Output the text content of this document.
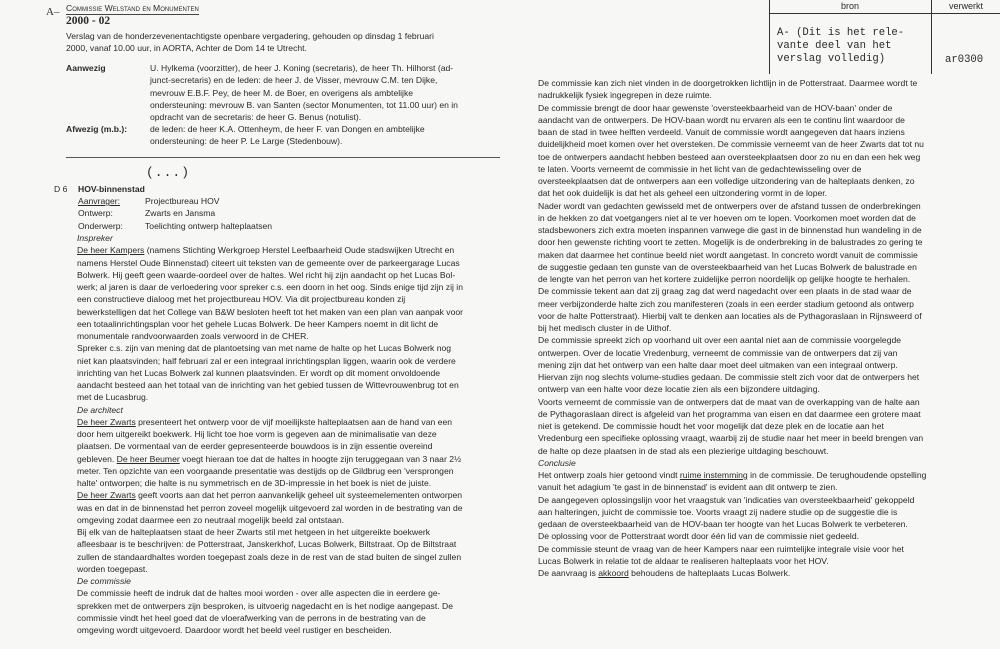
A– Commissie Welstand en Monumenten
2000 - 02
Verslag van de honderzevenentachtigste openbare vergadering, gehouden op dinsdag 1 februari
2000, vanaf 10.00 uur, in AORTA, Achter de Dom 14 te Utrecht.
Aanwezig	U. Hylkema (voorzitter), de heer J. Koning (secretaris), de heer Th. Hilhorst (ad-
junct-secretaris) en de leden: de heer J. de Visser, mevrouw C.M. ten Dijke,
mevrouw E.B.F. Pey, de heer M. de Boer, en overigens als ambtelijke
ondersteuning: mevrouw B. van Santen (sector Monumenten, tot 11.00 uur) en in
opdracht van de secretaris: de heer G. Benus (notulist).
Afwezig (m.b.):	de leden: de heer K.A. Ottenheym, de heer F. van Dongen en ambtelijke
ondersteuning: de heer P. Le Large (Stedenbouw).
(...)
D 6 HOV-binnenstad
Aanvrager:	Projectbureau HOV
Ontwerp:	Zwarts en Jansma
Onderwerp:	Toelichting ontwerp halteplaatsen
Inspreker
De heer Kampers (namens Stichting Werkgroep Herstel Leefbaarheid Oude stadswijken Utrecht en
namens Herstel Oude Binnenstad) citeert uit teksten van de gemeente over de parkeergarage Lucas
Bolwerk. Hij geeft geen waarde-oordeel over de haltes. Wel richt hij zijn aandacht op het Lucas Bol-
werk; al jaren is daar de verloedering voor spreker c.s. een doorn in het oog. Sinds enige tijd zijn zij in
een constructieve dialoog met het projectbureau HOV. Via dit projectbureau konden zij
bewerkstelligen dat het College van B&W besloten heeft tot het maken van een plan van aanpak voor
een totaalinrichtingsplan voor het gehele Lucas Bolwerk. De heer Kampers noemt in dit licht de
monumentale randvoorwaarden zoals verwoord in de CHER.
Spreker c.s. zijn van mening dat de plantoetsing van met name de halte op het Lucas Bolwerk nog
niet kan plaatsvinden; half februari zal er een integraal inrichtingsplan liggen, waarin ook de verdere
inrichting van het Lucas Bolwerk zal kunnen plaatsvinden. Er wordt op dit moment onvoldoende
aandacht besteed aan het totaal van de inrichting van het gebied tussen de Wittevrouwenbrug tot en
met de Lucasbrug.
De architect
De heer Zwarts presenteert het ontwerp voor de vijf moeilijkste halteplaatsen aan de hand van een
door hem uitgereikt boekwerk. Hij licht toe hoe vorm is gegeven aan de minimalisatie van deze
plaatsen. De vormentaal van de eerder gepresenteerde bouwdoos is in zijn essentie overeind
gebleven. De heer Beumer voegt hieraan toe dat de haltes in hoogte zijn teruggegaan van 3 naar 2½
meter. Ten opzichte van een voorgaande presentatie was destijds op de Gildbrug een 'versprongen
halte' ontworpen; die halte is nu symmetrisch en de 3D-impressie in het boek is niet de juiste.
De heer Zwarts geeft voorts aan dat het perron aanvankelijk geheel uit systeemelementen ontworpen
was en dat in de binnenstad het perron zoveel mogelijk uitgevoerd zal worden in de bestrating van de
omgeving zodat daarmee een zo neutraal mogelijk beeld zal ontstaan.
Bij elk van de halteplaatsen staat de heer Zwarts stil met hetgeen in het uitgereikte boekwerk
afleesbaar is te beschrijven: de Potterstraat, Janskerkhof, Lucas Bolwerk, Biltstraat. Op de Biltstraat
zullen de standaardhaltes worden toegepast zoals deze in de rest van de stad buiten de singel zullen
worden toegepast.
De commissie
De commissie heeft de indruk dat de haltes mooi worden - over alle aspecten die in eerdere ge-
sprekken met de ontwerpers zijn besproken, is uitvoerig nagedacht en is het nodige aangepast. De
commissie vindt het heel goed dat de vloerafwerking van de perrons in de bestrating van de
omgeving wordt uitgevoerd. Daardoor wordt het beeld veel rustiger en bescheiden.
bron	verwerkt
A- (Dit is het rele-
vante deel van het
verslag volledig)	ar0300
De commissie kan zich niet vinden in de doorgetrokken lichtlijn in de Potterstraat. Daarmee wordt te
nadrukkelijk fysiek ingegrepen in deze ruimte.
De commissie brengt de door haar gewenste 'oversteekbaarheid van de HOV-baan' onder de
aandacht van de ontwerpers. De HOV-baan wordt nu ervaren als een te continu lint waardoor de
baan de stad in twee helften verdeeld. Vanuit de commissie wordt aangegeven dat haars inziens
duidelijkheid moet komen over het oversteken. De commissie verneemt van de heer Zwarts dat tot nu
toe de ontwerpers aandacht hebben besteed aan oversteekplaatsen door zo nu en dan een hek weg
te laten. Voorts verneemt de commissie in het licht van de gedachtewisseling over de
oversteekplaatsen dat de ontwerpers aan een volledige uitzondering van de halteplaats denken, zo
dat het ook duidelijk is dat het als geheel een uitzondering vormt in de loper.
Nader wordt van gedachten gewisseld met de ontwerpers over de afstand tussen de onderbrekingen
in de hekken zo dat voetgangers niet al te ver hoeven om te lopen. Voorkomen moet worden dat de
stadsbewoners zich extra moeten inspannen vanwege die gast in de binnenstad hun wandeling in de
door hen gewenste richting voort te zetten. Mogelijk is de onderbreking in de balustrades zo gering te
maken dat daarmee het continue beeld niet wordt aangetast. In concreto wordt vanuit de commissie
de suggestie gedaan ten gunste van de oversteekbaarheid van het Lucas Bolwerk de balustrade en
de lengte van het perron van het kortere zuidelijke perron noordelijk op gelijke hoogte te herhalen.
De commissie tekent aan dat zij graag zag dat werd nagedacht over een plaats in de stad waar de
meer verbijzonderde halte zich zou manifesteren (zoals in een eerder stadium getoond als ontwerp
voor de halte Potterstraat). Hierbij valt te denken aan locaties als de Pythagoraslaan in Rijnsweerd of
bij het medisch cluster in de Uithof.
De commissie spreekt zich op voorhand uit over een aantal niet aan de commissie voorgelegde
ontwerpen. Over de locatie Vredenburg, verneemt de commissie van de ontwerpers dat zij van
mening zijn dat het ontwerp van een halte daar moet deel uitmaken van een integraal ontwerp.
Hiervan zijn nog slechts volume-studies gedaan. De commissie stelt zich voor dat de ontwerpers het
ontwerp van een halte voor deze locatie zien als een bijzondere uitdaging.
Voorts verneemt de commissie van de ontwerpers dat de maat van de overkapping van de halte aan
de Pythagoraslaan direct is afgeleid van het programma van eisen en dat daarmee een grotere maat
niet is getekend. De commissie houdt het voor mogelijk dat deze plek en de locatie aan het
Vredenburg een specifieke oplossing vraagt, waarbij zij de studie naar het meer in beeld brengen van
de halte op deze plaatsen in de stad als een plezierige uitdaging beschouwt.
Conclusie
Het ontwerp zoals hier getoond vindt ruime instemming in de commissie. De terughoudende opstelling
vanuit het adagium 'te gast in de binnenstad' is evident aan dit ontwerp te zien.
De aangegeven oplossingslijn voor het vraagstuk van 'indicaties van oversteekbaarheid' gekoppeld
aan halteringen, juicht de commissie toe. Voorts vraagt zij nadere studie op de suggestie die is
gedaan de oversteekbaarheid van de HOV-baan ter hoogte van het Lucas Bolwerk te verbeteren.
De oplossing voor de Potterstraat wordt door één lid van de commissie niet gedeeld.
De commissie steunt de vraag van de heer Kampers naar een ruimtelijke integrale visie voor het
Lucas Bolwerk in relatie tot de aldaar te realiseren halteplaats voor het HOV.
De aanvraag is akkoord behoudens de halteplaats Lucas Bolwerk.
